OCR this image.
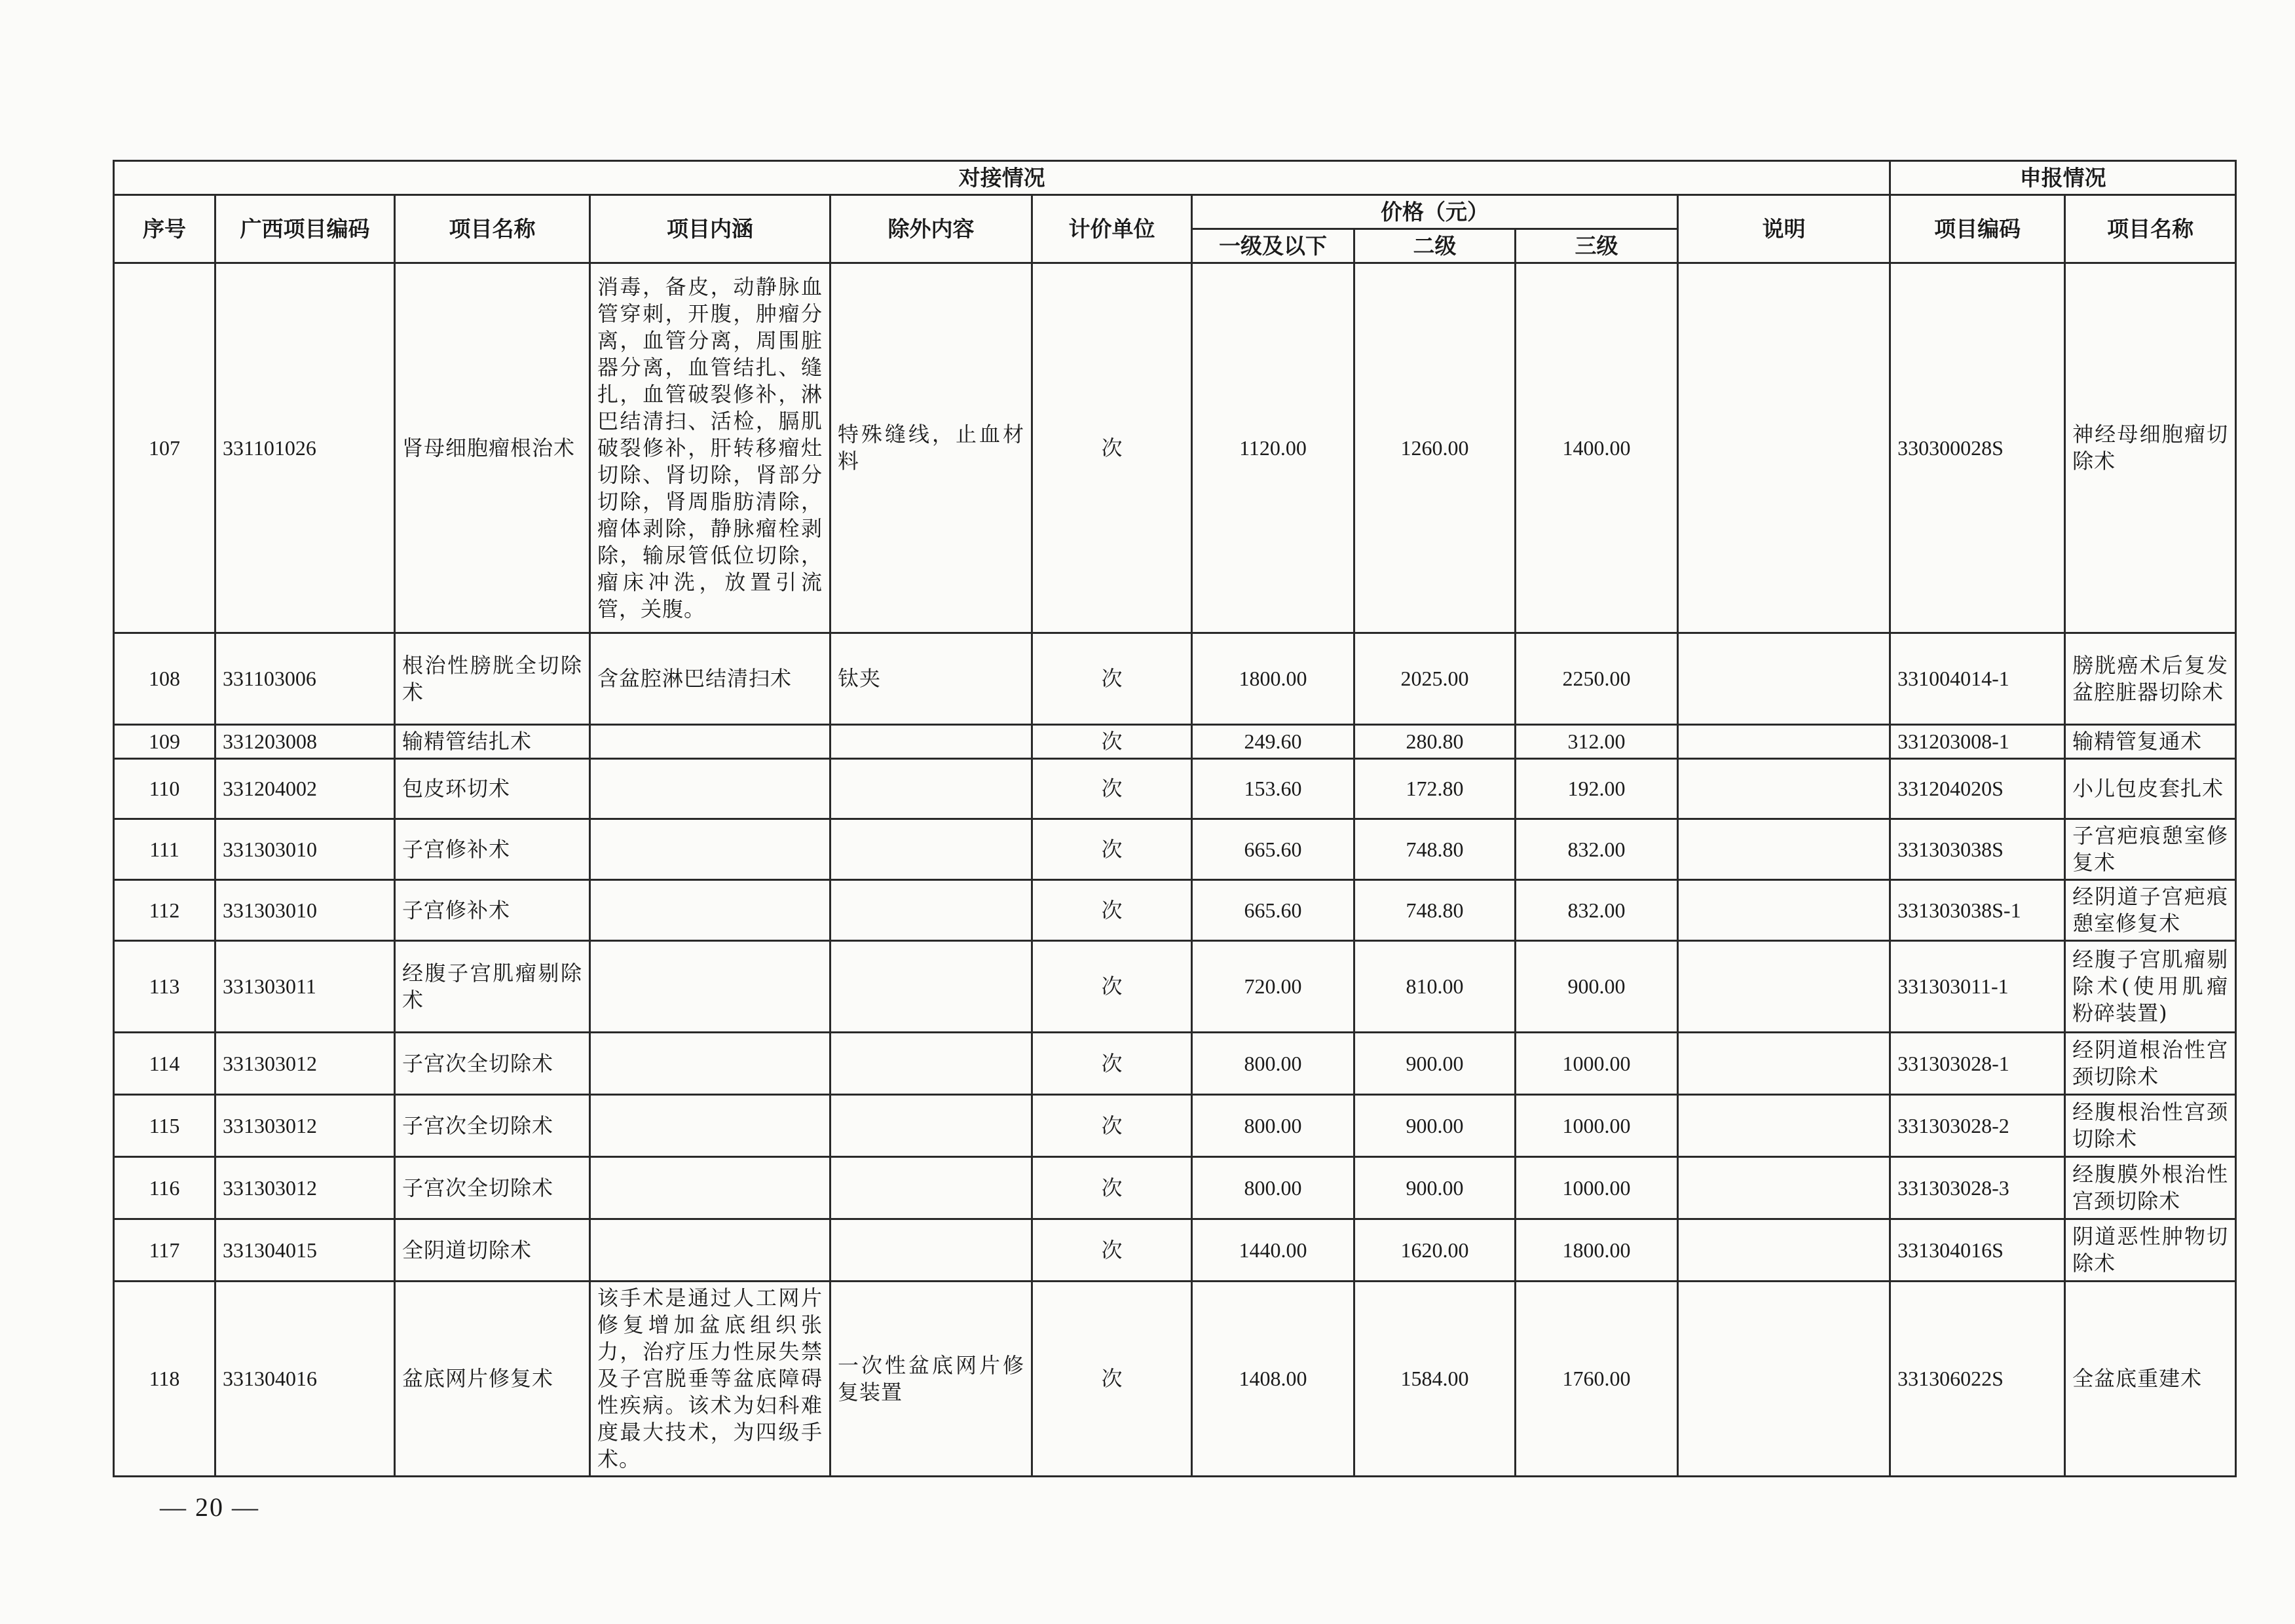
对接情况										申报情况	
序号	广西项目编码	项目名称	项目内涵	除外内容	计价单位	价格（元）			说明	项目编码	项目名称
						一级及以下	二级	三级			
107	331101026	肾母细胞瘤根治术	消毒，备皮，动静脉血管穿刺，开腹，肿瘤分离，血管分离，周围脏器分离，血管结扎、缝扎，血管破裂修补，淋巴结清扫、活检，膈肌破裂修补，肝转移瘤灶切除、肾切除，肾部分切除，肾周脂肪清除，瘤体剥除，静脉瘤栓剥除，输尿管低位切除，瘤床冲洗，放置引流管，关腹。	特殊缝线，止血材料	次	1120.00	1260.00	1400.00		330300028S	神经母细胞瘤切除术
108	331103006	根治性膀胱全切除术	含盆腔淋巴结清扫术	钛夹	次	1800.00	2025.00	2250.00		331004014-1	膀胱癌术后复发盆腔脏器切除术
109	331203008	输精管结扎术			次	249.60	280.80	312.00		331203008-1	输精管复通术
110	331204002	包皮环切术			次	153.60	172.80	192.00		331204020S	小儿包皮套扎术
111	331303010	子宫修补术			次	665.60	748.80	832.00		331303038S	子宫疤痕憩室修复术
112	331303010	子宫修补术			次	665.60	748.80	832.00		331303038S-1	经阴道子宫疤痕憩室修复术
113	331303011	经腹子宫肌瘤剔除术			次	720.00	810.00	900.00		331303011-1	经腹子宫肌瘤剔除术(使用肌瘤粉碎装置)
114	331303012	子宫次全切除术			次	800.00	900.00	1000.00		331303028-1	经阴道根治性宫颈切除术
115	331303012	子宫次全切除术			次	800.00	900.00	1000.00		331303028-2	经腹根治性宫颈切除术
116	331303012	子宫次全切除术			次	800.00	900.00	1000.00		331303028-3	经腹膜外根治性宫颈切除术
117	331304015	全阴道切除术			次	1440.00	1620.00	1800.00		331304016S	阴道恶性肿物切除术
118	331304016	盆底网片修复术	该手术是通过人工网片修复增加盆底组织张力，治疗压力性尿失禁及子宫脱垂等盆底障碍性疾病。该术为妇科难度最大技术，为四级手术。	一次性盆底网片修复装置	次	1408.00	1584.00	1760.00		331306022S	全盆底重建术
— 20 —
